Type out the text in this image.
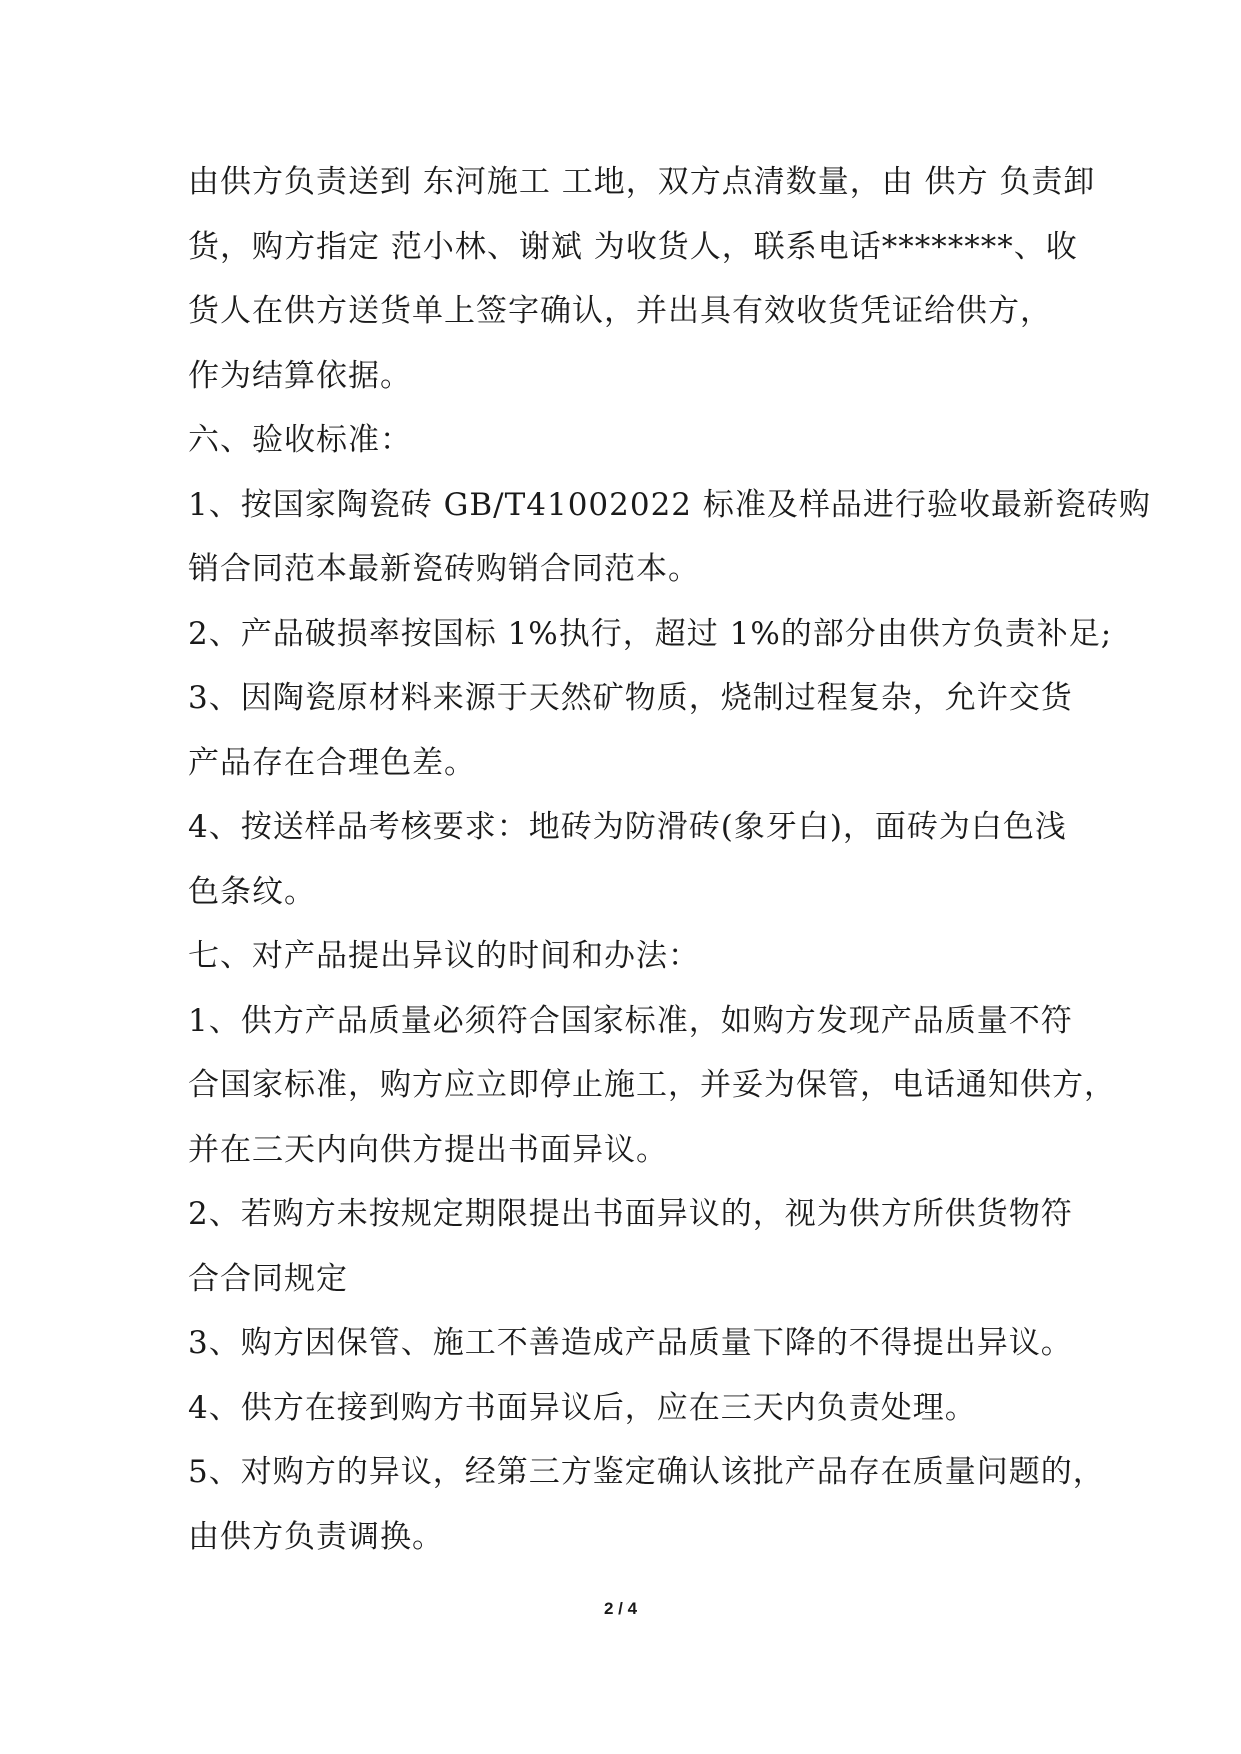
由供方负责送到 东河施工 工地，双方点清数量，由 供方 负责卸
货，购方指定 范小林、谢斌 为收货人，联系电话********、收
货人在供方送货单上签字确认，并出具有效收货凭证给供方，
作为结算依据。
六、验收标准：
1、按国家陶瓷砖 GB/T41002022 标准及样品进行验收最新瓷砖购
销合同范本最新瓷砖购销合同范本。
2、产品破损率按国标 1%执行，超过 1%的部分由供方负责补足;
3、因陶瓷原材料来源于天然矿物质，烧制过程复杂，允许交货
产品存在合理色差。
4、按送样品考核要求：地砖为防滑砖(象牙白)，面砖为白色浅
色条纹。
七、对产品提出异议的时间和办法：
1、供方产品质量必须符合国家标准，如购方发现产品质量不符
合国家标准，购方应立即停止施工，并妥为保管，电话通知供方，
并在三天内向供方提出书面异议。
2、若购方未按规定期限提出书面异议的，视为供方所供货物符
合合同规定
3、购方因保管、施工不善造成产品质量下降的不得提出异议。
4、供方在接到购方书面异议后，应在三天内负责处理。
5、对购方的异议，经第三方鉴定确认该批产品存在质量问题的，
由供方负责调换。
2 / 4
